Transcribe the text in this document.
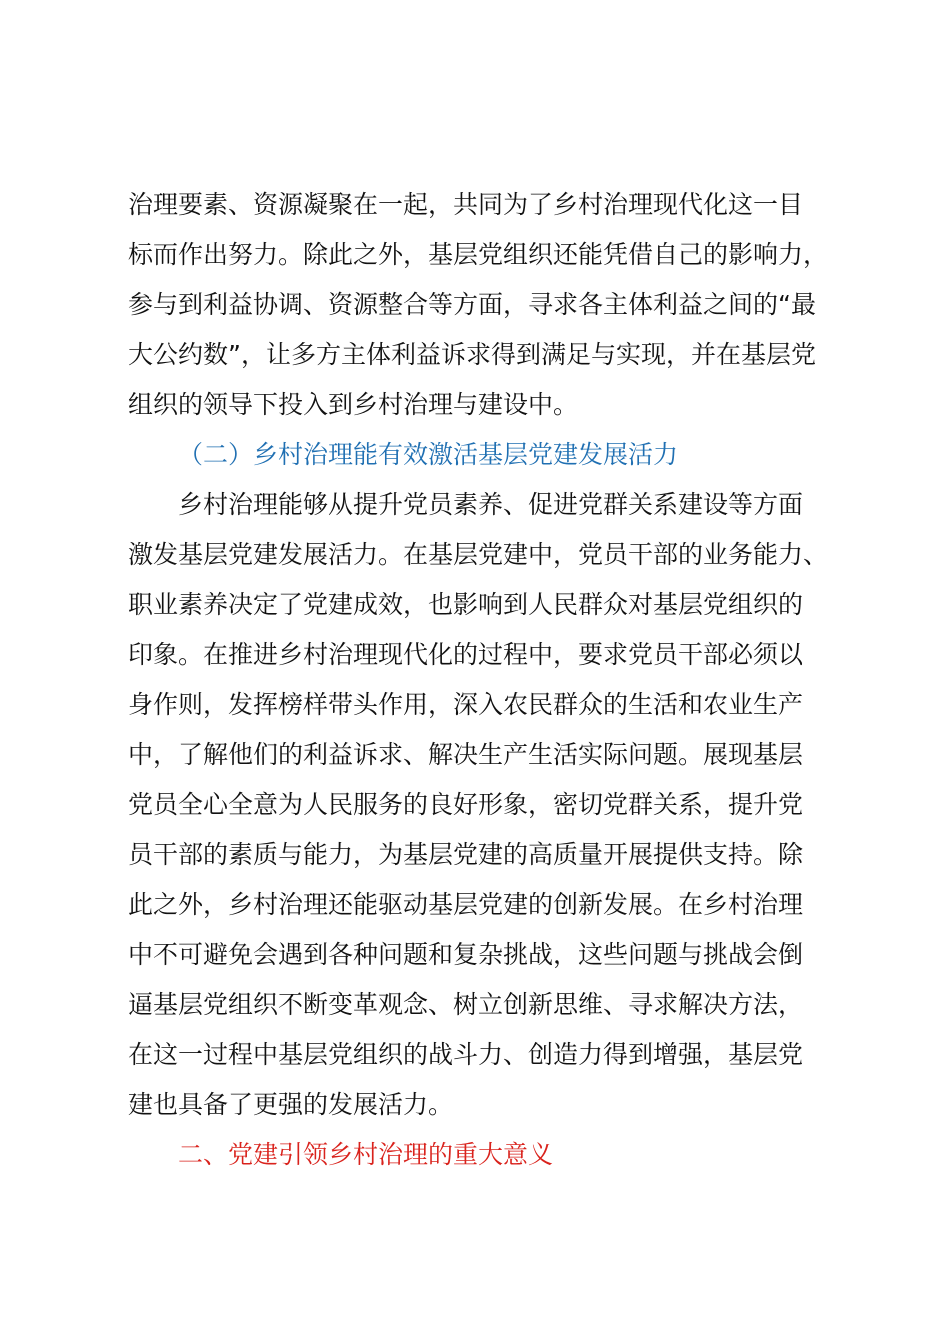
治理要素、资源凝聚在一起，共同为了乡村治理现代化这一目
标而作出努力。除此之外，基层党组织还能凭借自己的影响力，
参与到利益协调、资源整合等方面，寻求各主体利益之间的“最
大公约数”，让多方主体利益诉求得到满足与实现，并在基层党
组织的领导下投入到乡村治理与建设中。
（二）乡村治理能有效激活基层党建发展活力
乡村治理能够从提升党员素养、促进党群关系建设等方面
激发基层党建发展活力。在基层党建中，党员干部的业务能力、
职业素养决定了党建成效，也影响到人民群众对基层党组织的
印象。在推进乡村治理现代化的过程中，要求党员干部必须以
身作则，发挥榜样带头作用，深入农民群众的生活和农业生产
中，了解他们的利益诉求、解决生产生活实际问题。展现基层
党员全心全意为人民服务的良好形象，密切党群关系，提升党
员干部的素质与能力，为基层党建的高质量开展提供支持。除
此之外，乡村治理还能驱动基层党建的创新发展。在乡村治理
中不可避免会遇到各种问题和复杂挑战，这些问题与挑战会倒
逼基层党组织不断变革观念、树立创新思维、寻求解决方法，
在这一过程中基层党组织的战斗力、创造力得到增强，基层党
建也具备了更强的发展活力。
二、党建引领乡村治理的重大意义
